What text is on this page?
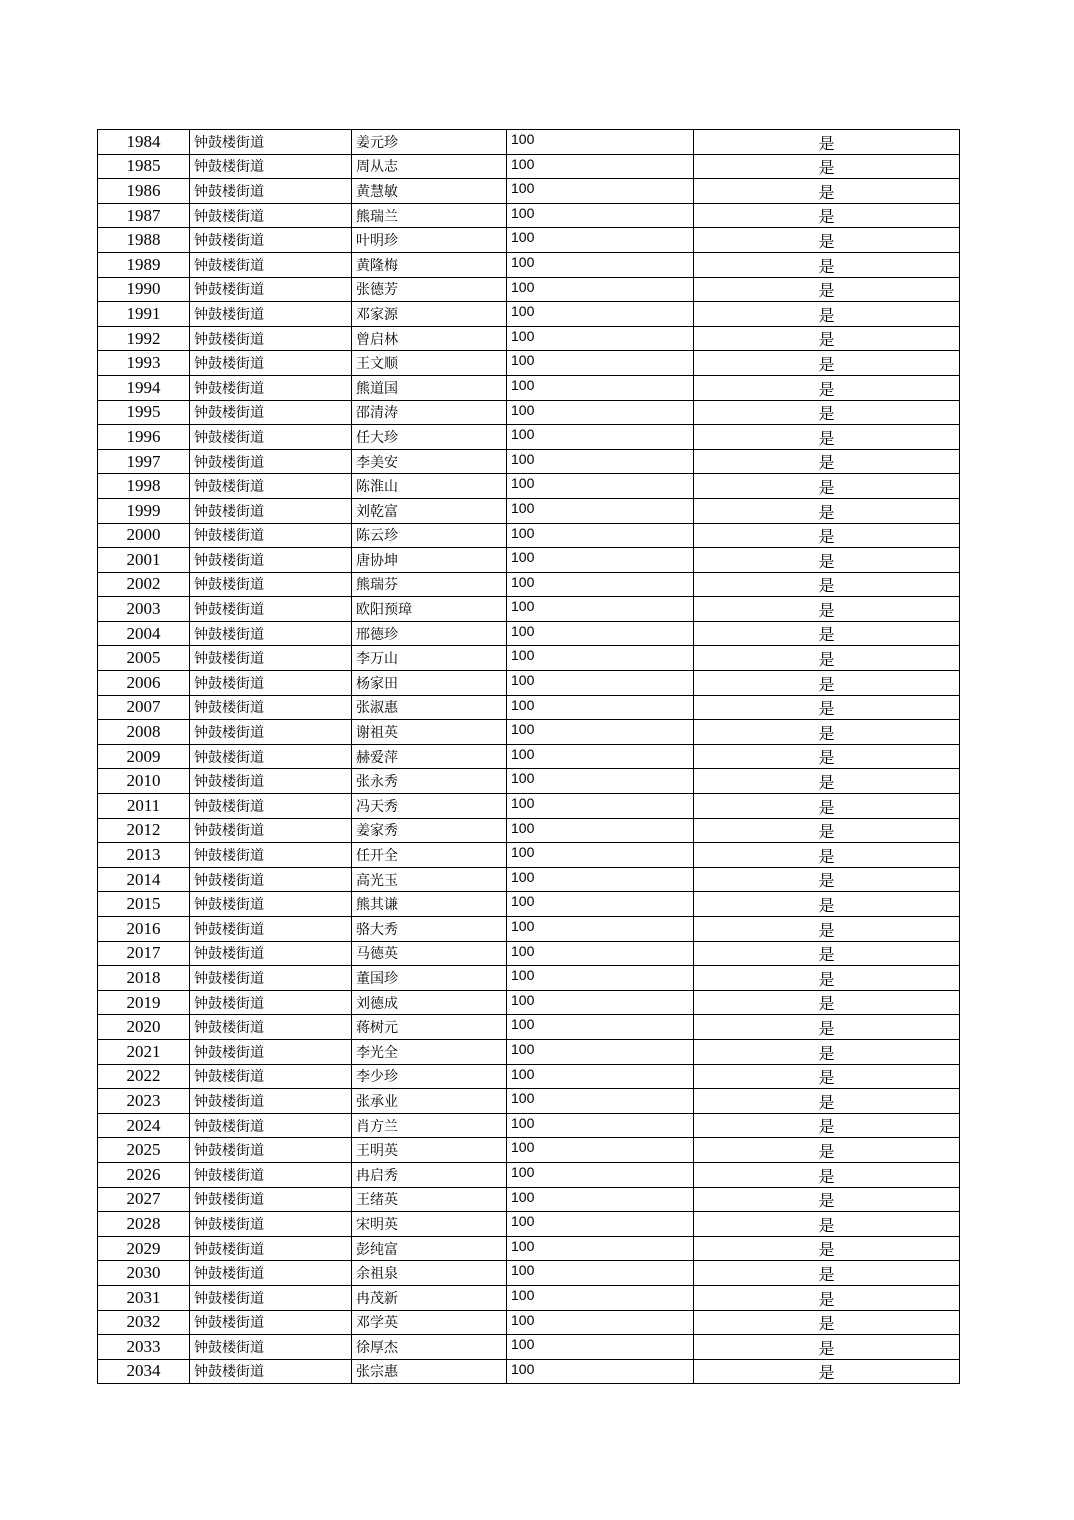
1984	钟鼓楼街道	姜元珍	100	是
1985	钟鼓楼街道	周从志	100	是
1986	钟鼓楼街道	黄慧敏	100	是
1987	钟鼓楼街道	熊瑞兰	100	是
1988	钟鼓楼街道	叶明珍	100	是
1989	钟鼓楼街道	黄隆梅	100	是
1990	钟鼓楼街道	张德芳	100	是
1991	钟鼓楼街道	邓家源	100	是
1992	钟鼓楼街道	曾启林	100	是
1993	钟鼓楼街道	王文顺	100	是
1994	钟鼓楼街道	熊道国	100	是
1995	钟鼓楼街道	邵清涛	100	是
1996	钟鼓楼街道	任大珍	100	是
1997	钟鼓楼街道	李美安	100	是
1998	钟鼓楼街道	陈淮山	100	是
1999	钟鼓楼街道	刘乾富	100	是
2000	钟鼓楼街道	陈云珍	100	是
2001	钟鼓楼街道	唐协坤	100	是
2002	钟鼓楼街道	熊瑞芬	100	是
2003	钟鼓楼街道	欧阳预璋	100	是
2004	钟鼓楼街道	邢德珍	100	是
2005	钟鼓楼街道	李万山	100	是
2006	钟鼓楼街道	杨家田	100	是
2007	钟鼓楼街道	张淑惠	100	是
2008	钟鼓楼街道	谢祖英	100	是
2009	钟鼓楼街道	赫爱萍	100	是
2010	钟鼓楼街道	张永秀	100	是
2011	钟鼓楼街道	冯天秀	100	是
2012	钟鼓楼街道	姜家秀	100	是
2013	钟鼓楼街道	任开全	100	是
2014	钟鼓楼街道	高光玉	100	是
2015	钟鼓楼街道	熊其谦	100	是
2016	钟鼓楼街道	骆大秀	100	是
2017	钟鼓楼街道	马德英	100	是
2018	钟鼓楼街道	董国珍	100	是
2019	钟鼓楼街道	刘德成	100	是
2020	钟鼓楼街道	蒋树元	100	是
2021	钟鼓楼街道	李光全	100	是
2022	钟鼓楼街道	李少珍	100	是
2023	钟鼓楼街道	张承业	100	是
2024	钟鼓楼街道	肖方兰	100	是
2025	钟鼓楼街道	王明英	100	是
2026	钟鼓楼街道	冉启秀	100	是
2027	钟鼓楼街道	王绪英	100	是
2028	钟鼓楼街道	宋明英	100	是
2029	钟鼓楼街道	彭纯富	100	是
2030	钟鼓楼街道	余祖泉	100	是
2031	钟鼓楼街道	冉茂新	100	是
2032	钟鼓楼街道	邓学英	100	是
2033	钟鼓楼街道	徐厚杰	100	是
2034	钟鼓楼街道	张宗惠	100	是
